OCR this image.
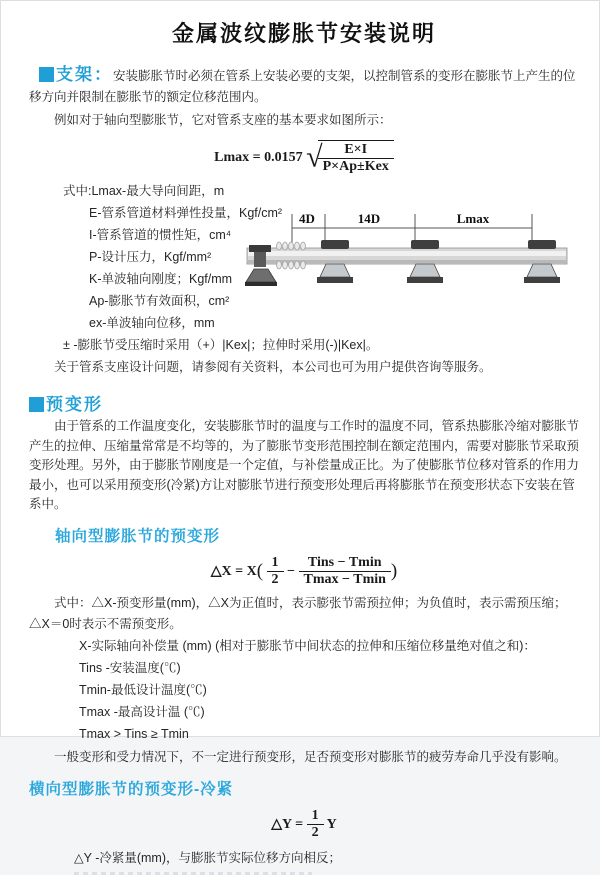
金属波纹膨胀节安装说明

支架：安装膨胀节时必须在管系上安装必要的支架，以控制管系的变形在膨胀节上产生的位移方向并限制在膨胀节的额定位移范围内。

例如对于轴向型膨胀节，它对管系支座的基本要求如图所示：

Lmax = 0.0157 √
$\frac{E\times I}{\text{P×Ap±Kex}}$
式中:Lmax-最大导向间距，m
E-管系管道材料弹性投量，Kgf/cm²
I-管系管道的惯性矩，cm⁴
P-设计压力，Kgf/mm²
K-单波轴向刚度；Kgf/mm
Ap-膨胀节有效面积，cm²
ex-单波轴向位移，mm
± -膨胀节受压缩时采用（+）|Kex|；拉伸时采用(-)|Kex|。

关于管系支座设计问题，请参阅有关资料，本公司也可为用户提供咨询等服务。

4D	14D	Lmax
预变形

由于管系的工作温度变化，安装膨胀节时的温度与工作时的温度不同，管系热膨胀冷缩对膨胀节产生的拉伸、压缩量常常是不均等的，为了膨胀节变形范围控制在额定范围内，需要对膨胀节采取预变形处理。另外，由于膨胀节刚度是一个定值，与补偿量成正比。为了使膨胀节位移对管系的作用力最小，也可以采用预变形(冷紧)方让对膨胀节进行预变形处理后再将膨胀节在预变形状态下安装在管系中。

轴向型膨胀节的预变形
△X = $X( \frac{1}{2} - \frac{\text{Tins − Tmin}}{Tmax - Tmin}$ )

式中：△X-预变形量(mm)，△X为正值时，表示膨张节需预拉伸；为负值时，表示需预压缩；△X＝0时表示不需预变形。

X-实际轴向补偿量 (mm) (相对于膨胀节中间状态的拉伸和压缩位移量绝对值之和)：

Tins -安装温度(℃)

Tmin-最低设计温度(℃)

Tmax -最高设计温 (℃)

Tmax > Tins ≥ Tmin

一般变形和受力情况下，不一定进行预变形，足否预变形对膨胀节的疲劳寿命几乎没有影响。

横向型膨胀节的预变形-冷紧
△Y = $\frac{1}{2}$ Y

△Y -冷紧量(mm)，与膨胀节实际位移方向相反；
